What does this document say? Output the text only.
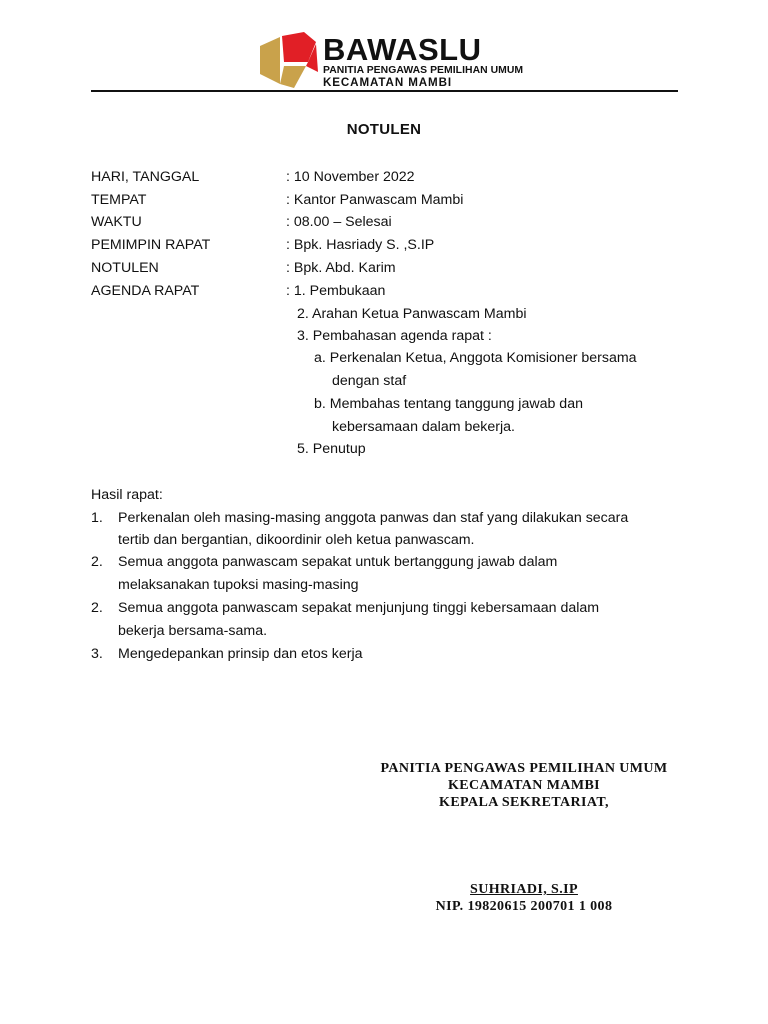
BAWASLU
PANITIA PENGAWAS PEMILIHAN UMUM
KECAMATAN MAMBI
NOTULEN
HARI, TANGGAL	: 10 November 2022
TEMPAT	: Kantor Panwascam Mambi
WAKTU	: 08.00 – Selesai
PEMIMPIN RAPAT	: Bpk. Hasriady S. ,S.IP
NOTULEN	: Bpk. Abd. Karim
AGENDA RAPAT	: 1. Pembukaan
2. Arahan Ketua Panwascam Mambi
3. Pembahasan agenda rapat :
a. Perkenalan Ketua, Anggota Komisioner bersama
dengan staf
b. Membahas tentang tanggung jawab dan
kebersamaan dalam bekerja.
5. Penutup
Hasil rapat:
1. Perkenalan oleh masing-masing anggota panwas dan staf yang dilakukan secara
tertib dan bergantian, dikoordinir oleh ketua panwascam.
2. Semua anggota panwascam sepakat untuk bertanggung jawab dalam
melaksanakan tupoksi masing-masing
2. Semua anggota panwascam sepakat menjunjung tinggi kebersamaan dalam
bekerja bersama-sama.
3. Mengedepankan prinsip dan etos kerja
PANITIA PENGAWAS PEMILIHAN UMUM
KECAMATAN MAMBI
KEPALA SEKRETARIAT,
SUHRIADI, S.IP
NIP. 19820615 200701 1 008
